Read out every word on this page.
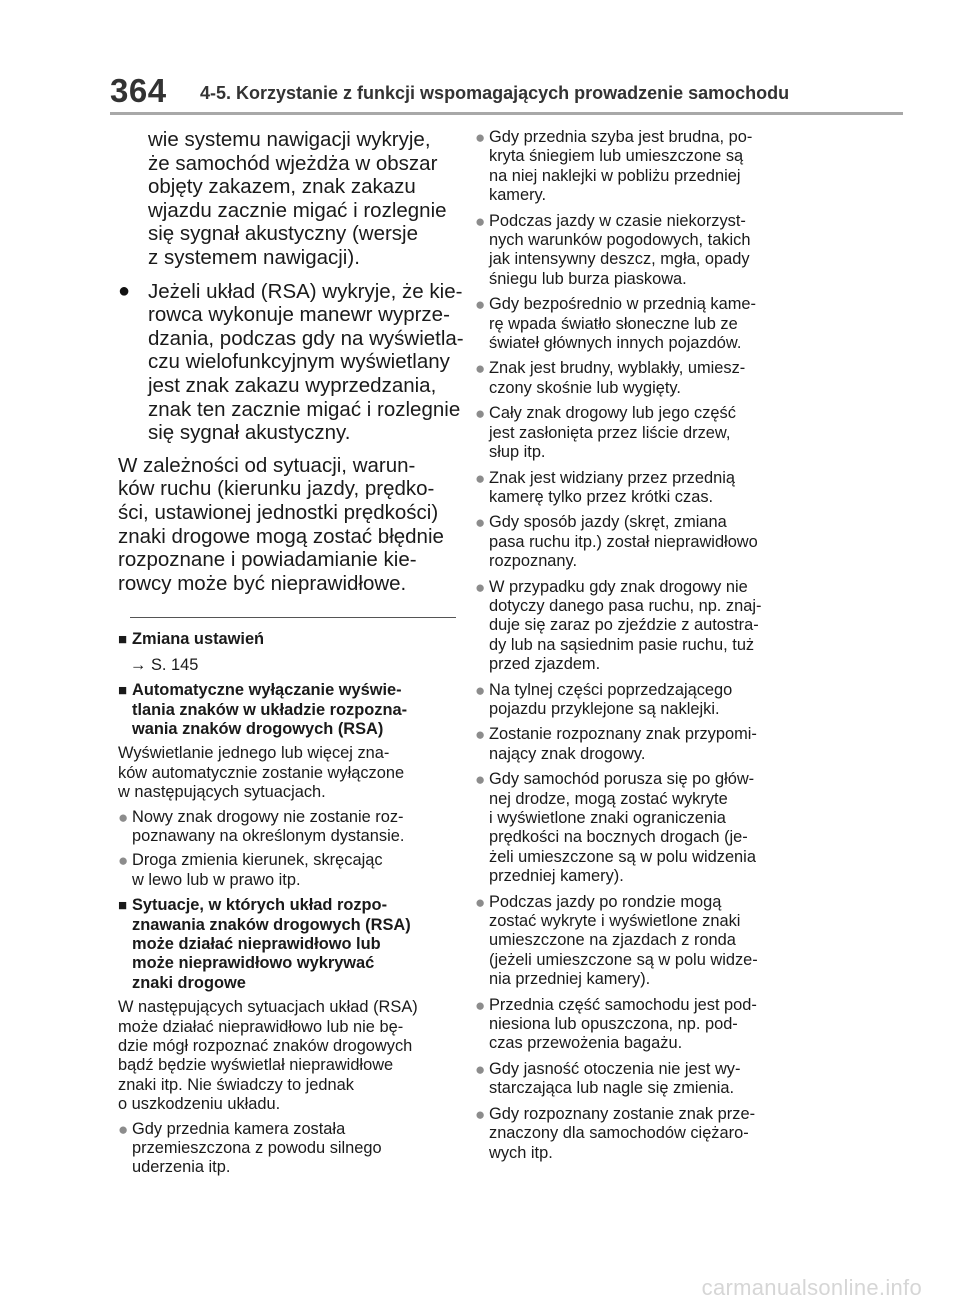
364 4-5. Korzystanie z funkcji wspomagających prowadzenie samochodu
wie systemu nawigacji wykryje,
że samochód wjeżdża w obszar
objęty zakazem, znak zakazu
wjazdu zacznie migać i rozlegnie
się sygnał akustyczny (wersje
z systemem nawigacji).
● Jeżeli układ (RSA) wykryje, że kie-
rowca wykonuje manewr wyprze-
dzania, podczas gdy na wyświetla-
czu wielofunkcyjnym wyświetlany
jest znak zakazu wyprzedzania,
znak ten zacznie migać i rozlegnie
się sygnał akustyczny.
W zależności od sytuacji, warun-
ków ruchu (kierunku jazdy, prędko-
ści, ustawionej jednostki prędkości)
znaki drogowe mogą zostać błędnie
rozpoznane i powiadamianie kie-
rowcy może być nieprawidłowe.
■ Zmiana ustawień
→ S. 145
■ Automatyczne wyłączanie wyświe-
tlania znaków w układzie rozpozna-
wania znaków drogowych (RSA)
Wyświetlanie jednego lub więcej zna-
ków automatycznie zostanie wyłączone
w następujących sytuacjach.
● Nowy znak drogowy nie zostanie roz-
poznawany na określonym dystansie.
● Droga zmienia kierunek, skręcając
w lewo lub w prawo itp.
■ Sytuacje, w których układ rozpo-
znawania znaków drogowych (RSA)
może działać nieprawidłowo lub
może nieprawidłowo wykrywać
znaki drogowe
W następujących sytuacjach układ (RSA)
może działać nieprawidłowo lub nie bę-
dzie mógł rozpoznać znaków drogowych
bądź będzie wyświetlał nieprawidłowe
znaki itp. Nie świadczy to jednak
o uszkodzeniu układu.
● Gdy przednia kamera została
przemieszczona z powodu silnego
uderzenia itp.
● Gdy przednia szyba jest brudna, po-
kryta śniegiem lub umieszczone są
na niej naklejki w pobliżu przedniej
kamery.
● Podczas jazdy w czasie niekorzyst-
nych warunków pogodowych, takich
jak intensywny deszcz, mgła, opady
śniegu lub burza piaskowa.
● Gdy bezpośrednio w przednią kame-
rę wpada światło słoneczne lub ze
świateł głównych innych pojazdów.
● Znak jest brudny, wyblakły, umiesz-
czony skośnie lub wygięty.
● Cały znak drogowy lub jego część
jest zasłonięta przez liście drzew,
słup itp.
● Znak jest widziany przez przednią
kamerę tylko przez krótki czas.
● Gdy sposób jazdy (skręt, zmiana
pasa ruchu itp.) został nieprawidłowo
rozpoznany.
● W przypadku gdy znak drogowy nie
dotyczy danego pasa ruchu, np. znaj-
duje się zaraz po zjeździe z autostra-
dy lub na sąsiednim pasie ruchu, tuż
przed zjazdem.
● Na tylnej części poprzedzającego
pojazdu przyklejone są naklejki.
● Zostanie rozpoznany znak przypomi-
nający znak drogowy.
● Gdy samochód porusza się po głów-
nej drodze, mogą zostać wykryte
i wyświetlone znaki ograniczenia
prędkości na bocznych drogach (je-
żeli umieszczone są w polu widzenia
przedniej kamery).
● Podczas jazdy po rondzie mogą
zostać wykryte i wyświetlone znaki
umieszczone na zjazdach z ronda
(jeżeli umieszczone są w polu widze-
nia przedniej kamery).
● Przednia część samochodu jest pod-
niesiona lub opuszczona, np. pod-
czas przewożenia bagażu.
● Gdy jasność otoczenia nie jest wy-
starczająca lub nagle się zmienia.
● Gdy rozpoznany zostanie znak prze-
znaczony dla samochodów ciężaro-
wych itp.
carmanualsonline.info
